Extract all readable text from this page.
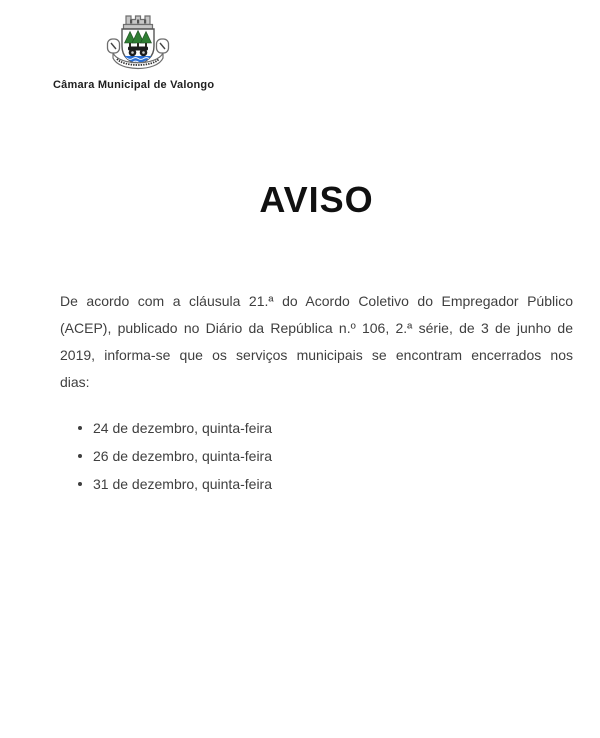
Câmara Municipal de Valongo
AVISO
De acordo com a cláusula 21.ª do Acordo Coletivo do Empregador Público
(ACEP), publicado no Diário da República n.º 106, 2.ª série, de 3 de junho de
2019, informa-se que os serviços municipais se encontram encerrados nos
dias:
24 de dezembro, quinta-feira
26 de dezembro, quinta-feira
31 de dezembro, quinta-feira
